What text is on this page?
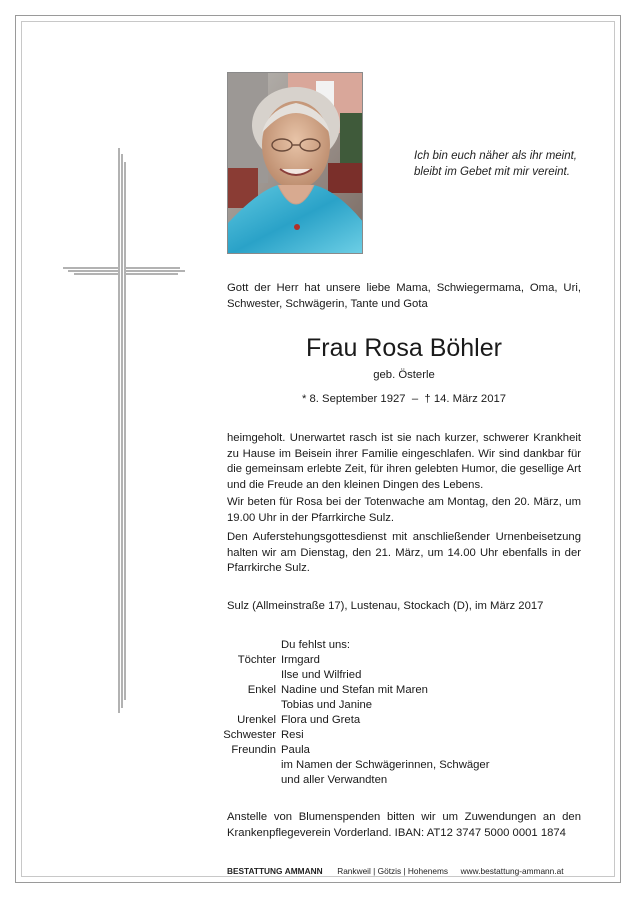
Ich bin euch näher als ihr meint,
bleibt im Gebet mit mir vereint.
Gott der Herr hat unsere liebe Mama, Schwiegermama, Oma, Uri, Schwester, Schwägerin, Tante und Gota
Frau Rosa Böhler
geb. Österle
* 8. September 1927  –  † 14. März 2017
heimgeholt. Unerwartet rasch ist sie nach kurzer, schwerer Krankheit zu Hause im Beisein ihrer Familie eingeschlafen. Wir sind dankbar für die gemeinsam erlebte Zeit, für ihren gelebten Humor, die gesellige Art und die Freude an den kleinen Dingen des Lebens.
Wir beten für Rosa bei der Totenwache am Montag, den 20. März, um 19.00 Uhr in der Pfarrkirche Sulz.
Den Auferstehungsgottesdienst mit anschließender Urnenbeisetzung halten wir am Dienstag, den 21. März, um 14.00 Uhr ebenfalls in der Pfarrkirche Sulz.
Sulz (Allmeinstraße 17), Lustenau, Stockach (D), im März 2017
Du fehlst uns:
Töchter Irmgard
Ilse und Wilfried
Enkel Nadine und Stefan mit Maren
Tobias und Janine
Urenkel Flora und Greta
Schwester Resi
Freundin Paula
im Namen der Schwägerinnen, Schwäger
und aller Verwandten
Anstelle von Blumenspenden bitten wir um Zuwendungen an den Krankenpflegeverein Vorderland. IBAN: AT12 3747 5000 0001 1874
BESTATTUNG AMMANN Rankweil | Götzis | Hohenems www.bestattung-ammann.at
